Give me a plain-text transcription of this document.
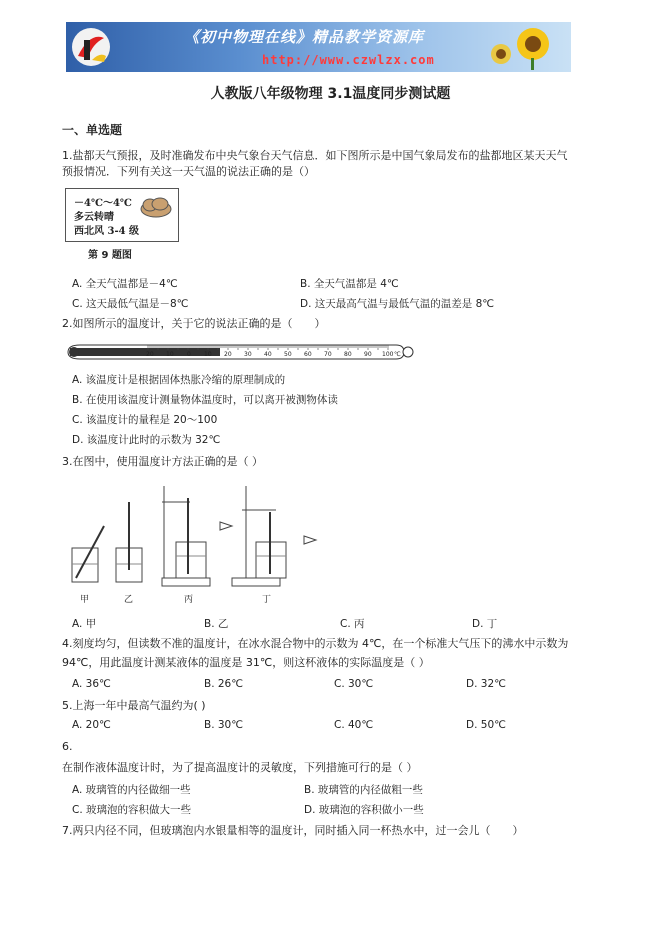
《初中物理在线》精品教学资源库
http://www.czwlzx.com
人教版八年级物理 3.1温度同步测试题
一、单选题
1.盐都天气预报，及时准确发布中央气象台天气信息．如下图所示是中国气象局发布的盐都地区某天天气
预报情况．下列有关这一天气温的说法正确的是（）
－4℃～4℃
多云转晴
西北风 3-4 级
第 9 题图
A. 全天气温都是－4℃	B. 全天气温都是 4℃
C. 这天最低气温是－8℃	D. 这天最高气温与最低气温的温差是 8℃
2.如图所示的温度计，关于它的说法正确的是（　　）
20 10 0 10 20 30 40 50 60 70 80 90 100 ℃
A. 该温度计是根据固体热胀冷缩的原理制成的
B. 在使用该温度计测量物体温度时，可以离开被测物体读
C. 该温度计的量程是 20～100
D. 该温度计此时的示数为 32℃
3.在图中，使用温度计方法正确的是（ ）
甲	乙	丙	丁
A. 甲	B. 乙	C. 丙	D. 丁
4.刻度均匀，但读数不准的温度计，在冰水混合物中的示数为 4℃，在一个标准大气压下的沸水中示数为
94℃，用此温度计测某液体的温度是 31℃，则这杯液体的实际温度是（ ）
A. 36℃	B. 26℃	C. 30℃	D. 32℃
5.上海一年中最高气温约为( )
A. 20℃	B. 30℃	C. 40℃	D. 50℃
6.
在制作液体温度计时，为了提高温度计的灵敏度，下列措施可行的是（ ）
A. 玻璃管的内径做细一些	B. 玻璃管的内径做粗一些
C. 玻璃泡的容积做大一些	D. 玻璃泡的容积做小一些
7.两只内径不同，但玻璃泡内水银量相等的温度计，同时插入同一杯热水中，过一会儿（　　）
